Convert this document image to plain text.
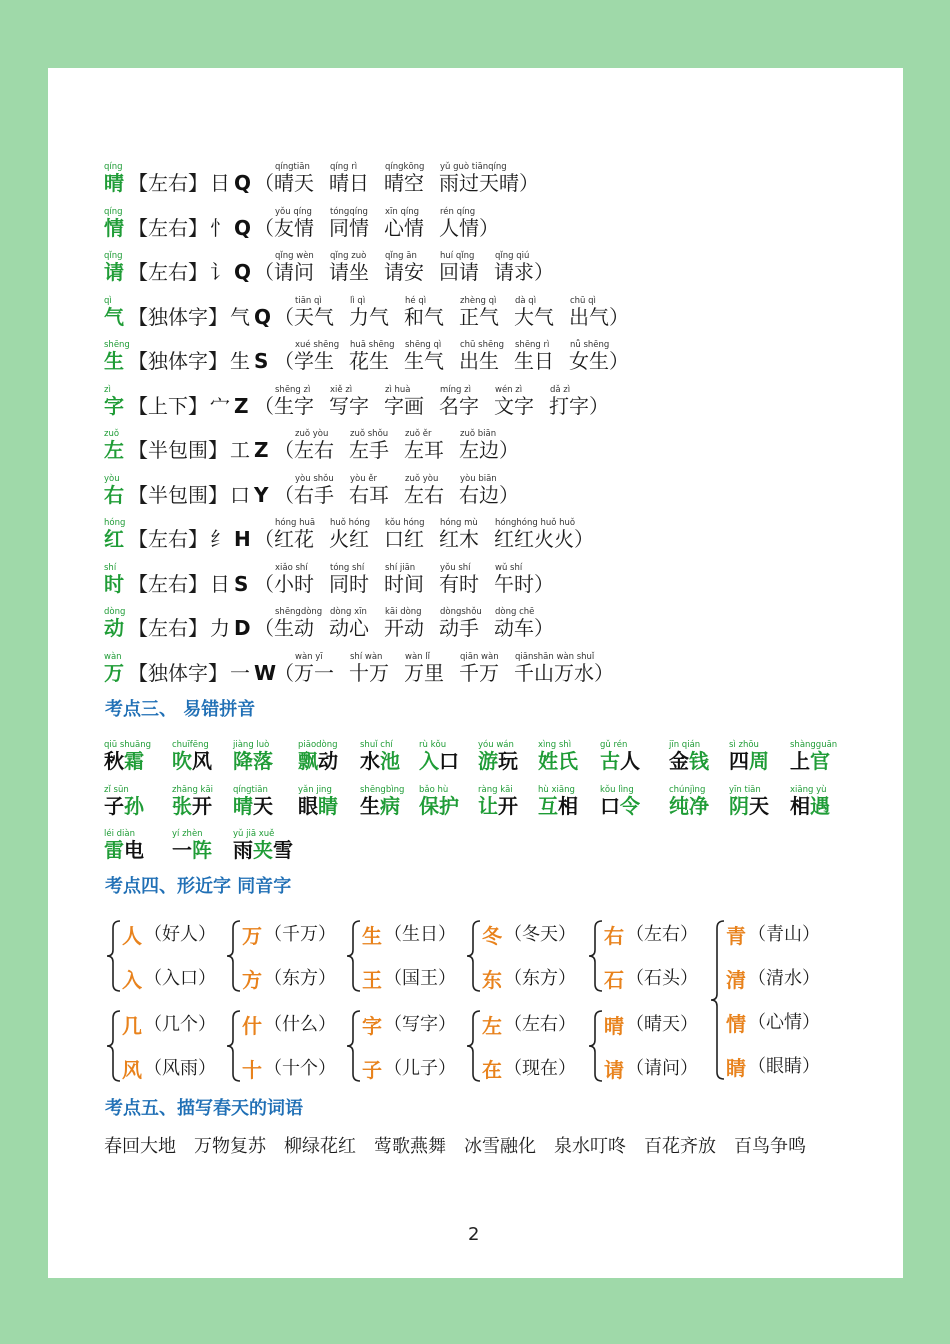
qíng
晴 【左右】 日 Q （
qíngtiān
晴天
qíng rì
晴日
qíngkōng
晴空
yǔ guò tiānqíng
雨过天晴 ）
qíng
情 【左右】 忄 Q （
yǒu qíng
友情
tóngqíng
同情
xīn qíng
心情
rén qíng
人情 ）
qǐng
请 【左右】 讠 Q （
qǐng wèn
请问
qǐng zuò
请坐
qǐng ān
请安
huí qǐng
回请
qǐng qiú
请求 ）
qì
气 【独体字】 气 Q （
tiān qì
天气
lì qì
力气
hé qì
和气
zhèng qì
正气
dà qì
大气
chū qì
出气 ）
shēng
生 【独体字】 生 S （
xué shēng
学生
huā shēng
花生
shēng qì
生气
chū shēng
出生
shēng rì
生日
nǚ shēng
女生 ）
zì
字 【上下】 宀 Z （
shēng zì
生字
xiě zì
写字
zì huà
字画
míng zì
名字
wén zì
文字
dǎ zì
打字 ）
zuǒ
左 【半包围】 工 Z （
zuǒ yòu
左右
zuǒ shǒu
左手
zuǒ ěr
左耳
zuǒ biān
左边 ）
yòu
右 【半包围】 口 Y （
yòu shǒu
右手
yòu ěr
右耳
zuǒ yòu
左右
yòu biān
右边 ）
hóng
红 【左右】 纟 H （
hóng huā
红花
huǒ hóng
火红
kǒu hóng
口红
hóng mù
红木
hónghóng huǒ huǒ
红红火火 ）
shí
时 【左右】 日 S （
xiǎo shí
小时
tóng shí
同时
shí jiān
时间
yǒu shí
有时
wǔ shí
午时 ）
dòng
动 【左右】 力 D （
shēngdòng
生动
dòng xīn
动心
kāi dòng
开动
dòngshǒu
动手
dòng chē
动车 ）
wàn
万 【独体字】 一 W
（
wàn yī
万一
shí wàn
十万
wàn lǐ
万里
qiān wàn
千万
qiānshān wàn shuǐ
千山万水 ）
考点三、 易错拼音
qiū shuāng
秋 霜
chuīfēng
吹 风
jiàng luò
降 落
piāodòng
飘 动
shuǐ chí
水 池
rù kǒu
入 口
yóu wán
游 玩
xìng shì
姓 氏
gǔ rén
古 人
jīn qián
金 钱
sì zhōu
四 周
shàngguān
上 官
zǐ sūn
子 孙
zhāng kāi
张 开
qíngtiān
晴 天
yǎn jing
眼 睛
shēngbìng
生 病
bǎo hù
保 护
ràng kāi
让 开
hù xiāng
互 相
kǒu lìng
口 令
chúnjìng
纯 净
yīn tiān
阴 天
xiāng yù
相 遇
léi diàn
雷 电
yí zhèn
一 阵
yǔ jiā xuě
雨 夹 雪
考点四、形近字 同音字
人 （好人）
入 （入口）
万 （千万）
方 （东方）
生 （生日）
王 （国王）
冬 （冬天）
东 （东方）
右 （左右）
石 （石头）
几 （几个）
风 （风雨）
什 （什么）
十 （十个）
字 （写字）
子 （儿子）
左 （左右）
在 （现在）
晴 （晴天）
请 （请问）
青 （青山）
清 （清水）
情 （心情）
睛 （眼睛）
考点五、描写春天的词语
春回大地 万物复苏 柳绿花红 莺歌燕舞 冰雪融化 泉水叮咚 百花齐放 百鸟争鸣
2
